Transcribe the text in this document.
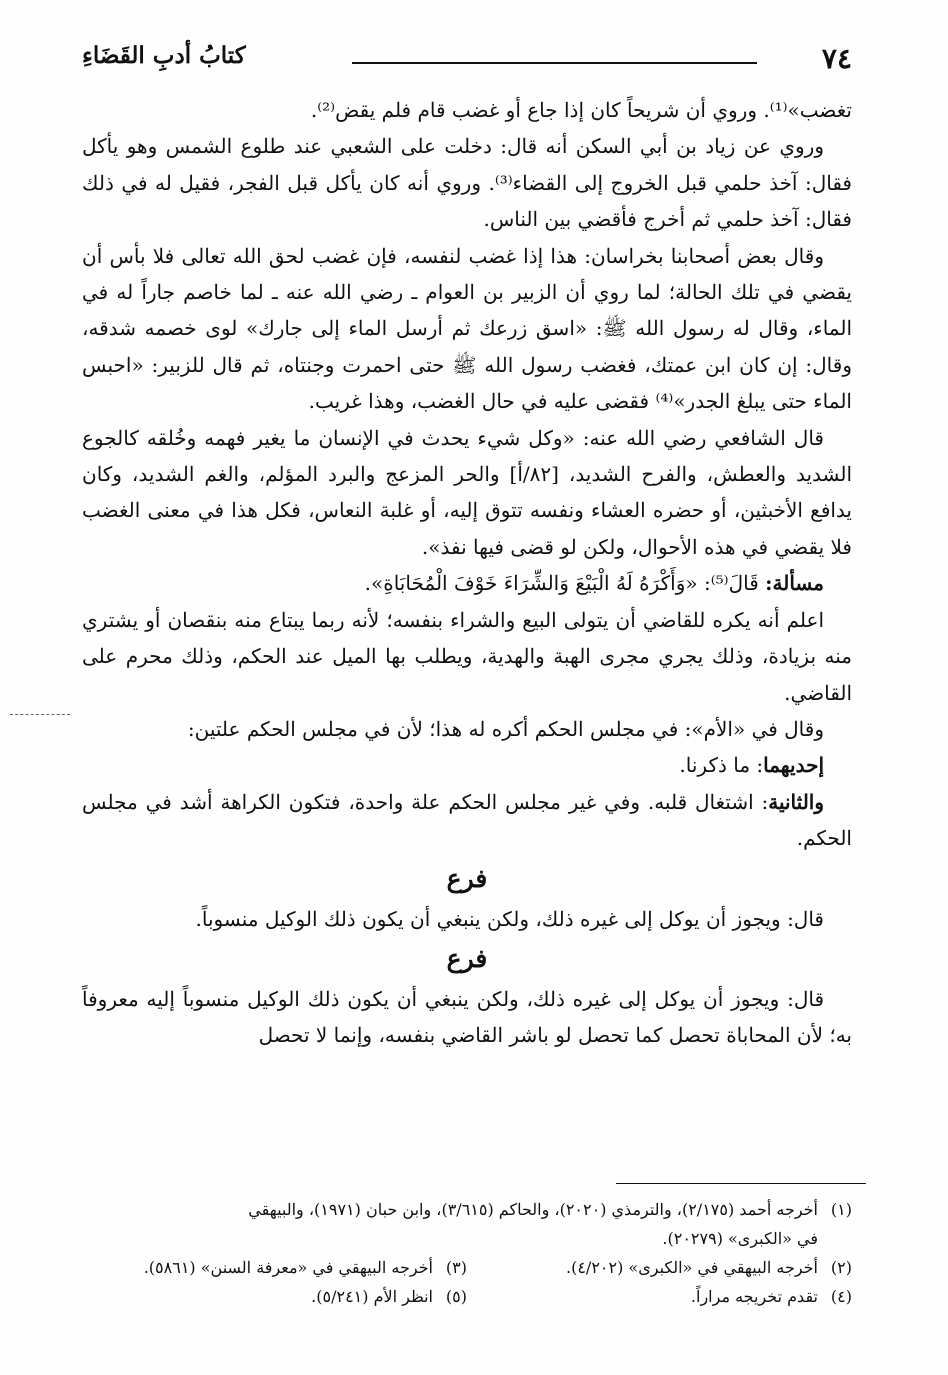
٧٤
كتابُ أدبِ القَضَاءِ

تغضب»⁽¹⁾. وروي أن شريحاً كان إذا جاع أو غضب قام فلم يقض⁽²⁾.

وروي عن زياد بن أبي السكن أنه قال: دخلت على الشعبي عند طلوع الشمس وهو يأكل فقال: آخذ حلمي قبل الخروج إلى القضاء⁽³⁾. وروي أنه كان يأكل قبل الفجر، فقيل له في ذلك فقال: آخذ حلمي ثم أخرج فأقضي بين الناس.

وقال بعض أصحابنا بخراسان: هذا إذا غضب لنفسه، فإن غضب لحق الله تعالى فلا بأس أن يقضي في تلك الحالة؛ لما روي أن الزبير بن العوام ـ رضي الله عنه ـ لما خاصم جاراً له في الماء، وقال له رسول الله ﷺ: «اسق زرعك ثم أرسل الماء إلى جارك» لوى خصمه شدقه، وقال: إن كان ابن عمتك، فغضب رسول الله ﷺ حتى احمرت وجنتاه، ثم قال للزبير: «احبس الماء حتى يبلغ الجدر»⁽⁴⁾ فقضى عليه في حال الغضب، وهذا غريب.

قال الشافعي رضي الله عنه: «وكل شيء يحدث في الإنسان ما يغير فهمه وخُلقه كالجوع الشديد والعطش، والفرح الشديد، [٨٢/أ] والحر المزعج والبرد المؤلم، والغم الشديد، وكان يدافع الأخبثين، أو حضره العشاء ونفسه تتوق إليه، أو غلبة النعاس، فكل هذا في معنى الغضب فلا يقضي في هذه الأحوال، ولكن لو قضى فيها نفذ».

مسألة: قَالَ⁽⁵⁾: «وَأَكْرَهُ لَهُ الْبَيْعَ وَالشِّرَاءَ خَوْفَ الْمُحَابَاةِ».

اعلم أنه يكره للقاضي أن يتولى البيع والشراء بنفسه؛ لأنه ربما يبتاع منه بنقصان أو يشتري منه بزيادة، وذلك يجري مجرى الهبة والهدية، ويطلب بها الميل عند الحكم، وذلك محرم على القاضي.

وقال في «الأم»: في مجلس الحكم أكره له هذا؛ لأن في مجلس الحكم علتين:

إحديهما: ما ذكرنا.

والثانية: اشتغال قلبه. وفي غير مجلس الحكم علة واحدة، فتكون الكراهة أشد في مجلس الحكم.

فرع

قال: ويجوز أن يوكل إلى غيره ذلك، ولكن ينبغي أن يكون ذلك الوكيل منسوباً.

فرع

قال: ويجوز أن يوكل إلى غيره ذلك، ولكن ينبغي أن يكون ذلك الوكيل منسوباً إليه معروفاً به؛ لأن المحاباة تحصل كما تحصل لو باشر القاضي بنفسه، وإنما لا تحصل

(١)أخرجه أحمد (٢/١٧٥)، والترمذي (٢٠٢٠)، والحاكم (٣/٦١٥)، وابن حبان (١٩٧١)، والبيهقي
في «الكبرى» (٢٠٢٧٩).
(٢)أخرجه البيهقي في «الكبرى» (٤/٢٠٢).
(٣)أخرجه البيهقي في «معرفة السنن» (٥٨٦١).
(٤)تقدم تخريجه مراراً.
(٥)انظر الأم (٥/٢٤١).
